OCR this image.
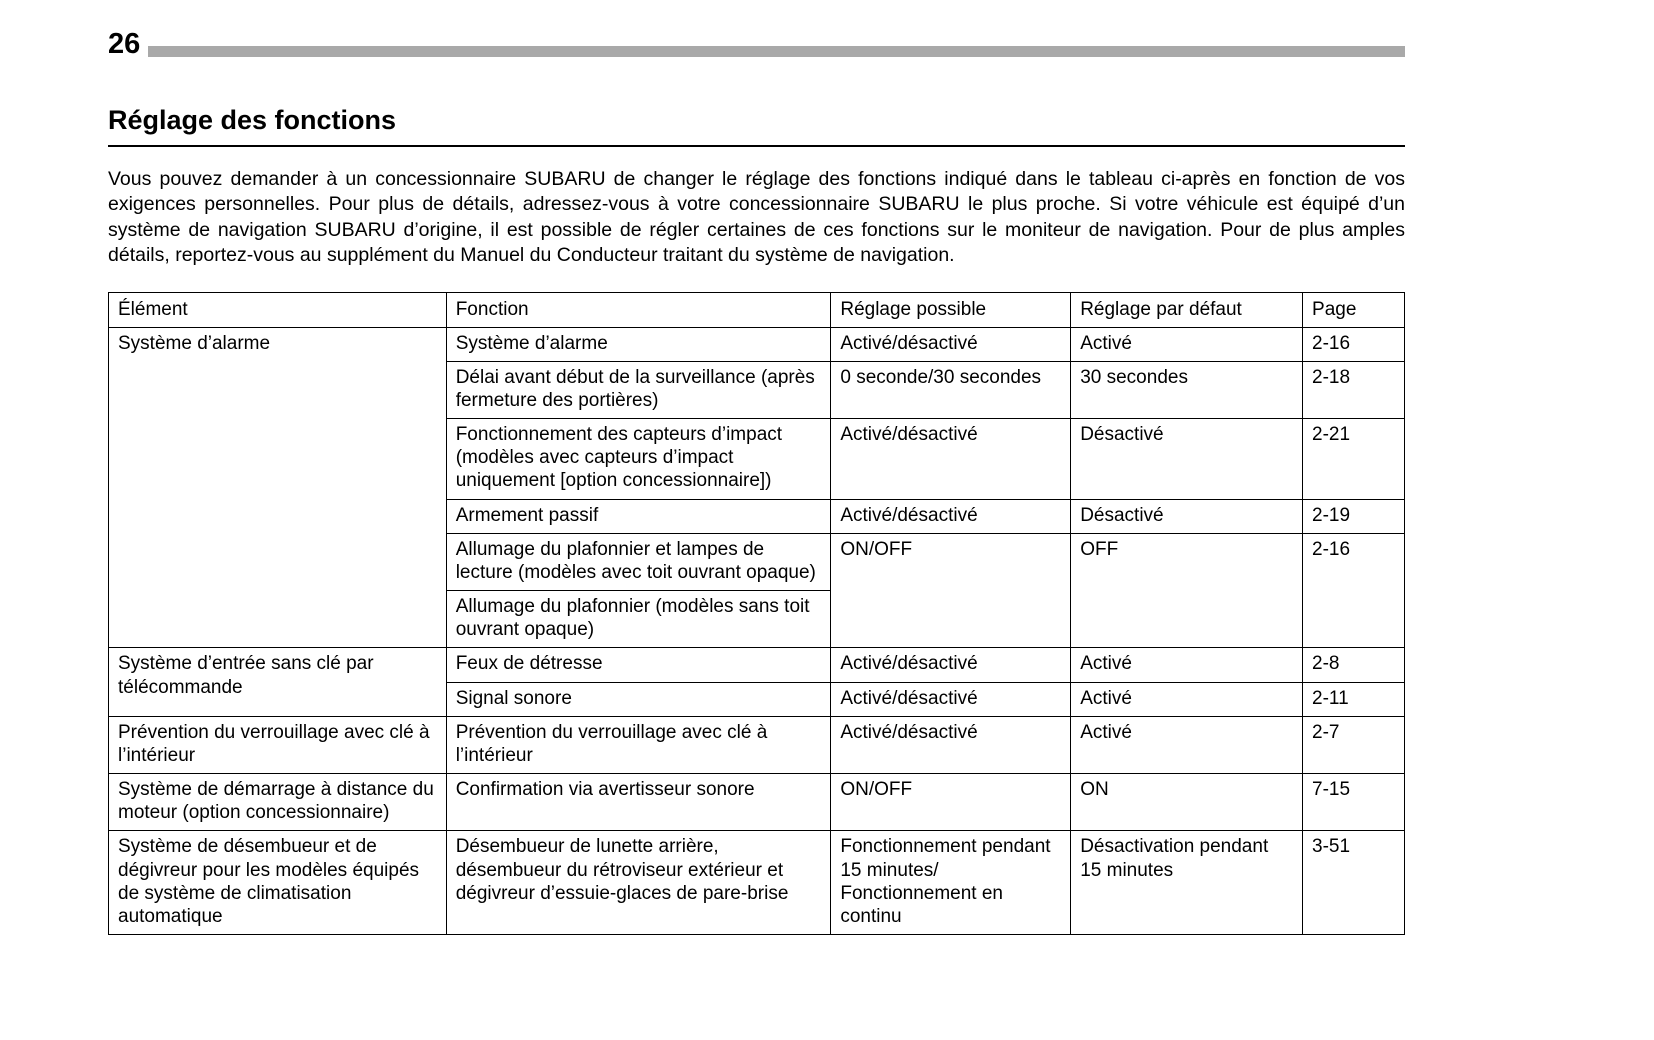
26
Réglage des fonctions

Vous pouvez demander à un concessionnaire SUBARU de changer le réglage des fonctions indiqué dans le tableau ci-après en fonction de vos exigences personnelles. Pour plus de détails, adressez-vous à votre concessionnaire SUBARU le plus proche. Si votre véhicule est équipé d’un système de navigation SUBARU d’origine, il est possible de régler certaines de ces fonctions sur le moniteur de navigation. Pour de plus amples détails, reportez-vous au supplément du Manuel du Conducteur traitant du système de navigation.

Élément	Fonction	Réglage possible	Réglage par défaut	Page
Système d’alarme	Système d’alarme	Activé/désactivé	Activé	2-16
	Délai avant début de la surveillance (après fermeture des portières)	0 seconde/30 secondes	30 secondes	2-18
	Fonctionnement des capteurs d’impact (modèles avec capteurs d’impact uniquement [option concessionnaire])	Activé/désactivé	Désactivé	2-21
	Armement passif	Activé/désactivé	Désactivé	2-19
	Allumage du plafonnier et lampes de lecture (modèles avec toit ouvrant opaque)	ON/OFF	OFF	2-16
	Allumage du plafonnier (modèles sans toit ouvrant opaque)			
Système d’entrée sans clé par télécommande	Feux de détresse	Activé/désactivé	Activé	2-8
	Signal sonore	Activé/désactivé	Activé	2-11
Prévention du verrouillage avec clé à l’intérieur	Prévention du verrouillage avec clé à l’intérieur	Activé/désactivé	Activé	2-7
Système de démarrage à distance du moteur (option concessionnaire)	Confirmation via avertisseur sonore	ON/OFF	ON	7-15
Système de désembueur et de dégivreur pour les modèles équipés de système de climatisation automatique	Désembueur de lunette arrière, désembueur du rétroviseur extérieur et dégivreur d’essuie-glaces de pare-brise	Fonctionnement pendant 15 minutes/ Fonctionnement en continu	Désactivation pendant 15 minutes	3-51
